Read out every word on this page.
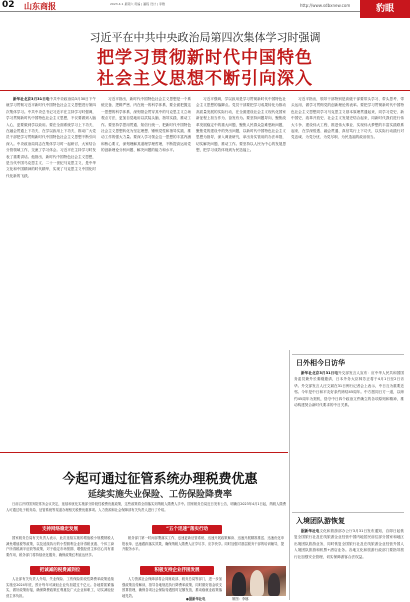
02 山东商报	2023.4.1 星期六 责编 | 潘程 设计 | 李雅	http://www.sdbxnew.com	豹眼
习近平在中共中央政治局第四次集体学习时强调
把学习贯彻新时代中国特色
社会主义思想不断引向深入

新华社北京3月31日电中共中央政治局3月30日下午就学习贯彻习近平新时代中国特色社会主义思想进行第四次集体学习。中共中央总书记习近平在主持学习时强调，学习贯彻新时代中国特色社会主义思想，不仅要做到入脑入心，更要做到学以致用。要在全面系统学习上下功夫，在融会贯通上下功夫，在学以致用上下功夫，推动广大党员干部把学习贯彻新时代中国特色社会主义思想不断引向深入。中央政治局同志在集体学习时一起研讨，大家结合分管领域工作，交流了学习体会。习近平在主持学习时发表了重要讲话。他指出，新时代中国特色社会主义思想，是当代中国马克思主义、二十一世纪马克思主义，是中华文化和中国精神的时代精华，实现了马克思主义中国化时代化新的飞跃。

习近平指出，新时代中国特色社会主义思想是一个系统完备、逻辑严密、内在统一的科学体系，要全面把握这一思想的科学体系，深刻领会贯穿其中的马克思主义立场观点方法，更加自觉地用以武装头脑、指导实践、推动工作。要坚持学思用贯通、知信行统一，把新时代中国特色社会主义思想转化为坚定理想、锤炼党性和指导实践、推动工作的强大力量。要深入学习领会这一思想的丰富内涵和核心要义，深刻理解其道理学理哲理，不断提高运用党的创新理论分析问题、解决问题的能力和水平。

习近平强调，学以致用是学习贯彻新时代中国特色社会主义思想的落脚点。党员干部要把学习成果转化为推动高质量发展的实际行动，在全面建设社会主义现代化国家新征程上担当作为、奋发有为。要坚持问题导向，聚焦改革发展稳定中的重大问题，聚焦人民群众急难愁盼问题，聚焦党的建设中的突出问题，以新时代中国特色社会主义思想为指导，深入调查研究，拿出务实管用的办法举措，切实解决问题、推动工作。要坚持以人民为中心的发展思想，把学习成效体现到为民造福上。

习近平指出，领导干部特别是高级干部要带头学习、带头思考、带头运用，做学习贯彻党的创新理论的表率。要把学习贯彻新时代中国特色社会主义思想同学习马克思主义基本原理贯通起来，同学习党史、新中国史、改革开放史、社会主义发展史结合起来，同新时代我们进行伟大斗争、建设伟大工程、推进伟大事业、实现伟大梦想的丰富实践联系起来，在学深悟透、融会贯通、真信笃行上下功夫，以实际行动践行对党忠诚、为党分忧、为党尽职、为民造福的政治担当。

日外相今日访华

新华社北京3月31日电外交部发言人宣布：应中华人民共和国国务委员兼外长秦刚邀请，日本外务大臣林芳正将于4月1日至2日访华。外交部发言人汪文斌在31日例行记者会上表示，中日互为重要近邻。今年是中日和平友好条约缔结45周年。中方愿同日方一道，以缔约45周年为契机，恪守中日四个政治文件确立的各项原则和精神，推动构建契合新时代要求的中日关系。

入境团队游恢复

据新华社电文化和旅游部办公厅3月31日发布通知，自即日起恢复全国旅行社及在线旅游企业经营中国内地居民前往部分国家和地区出境团队旅游业务，同时恢复全国旅行社及在线旅游企业经营外国人入境团队旅游和机票+酒店业务。各地文化和旅游行政部门要指导旅行社加强安全管理，切实保障游客合法权益。

今起可通过征管系统办理税费优惠
延续实施失业保险、工伤保险降费率

日前召开的国务院常务会议决定，延续和优化实施部分阶段性税费优惠政策，这些政策将全面落实到纳税人缴费人手中。国家税务总局近日发布公告，明确自2023年4月1日起，纳税人缴费人可通过电子税务局、征管系统等渠道办理相关税费优惠事项。人力资源和社会保障部有关负责人进行了介绍。

支持网络稳定发展

国家税务总局有关负责人表示，此次延续实施的增值税小规模纳税人减免增值税等政策，以及延续执行的小型微利企业所得税优惠、个体工商户所得税减半征收等政策，对于稳定市场预期、增强经营主体信心具有重要作用，税务部门将持续优化服务，确保政策红利直达快享。

“五个迅速”落实行动

税务部门第一时间部署落实工作，迅速更新征管系统、迅速开展政策解读、迅速开展精准推送、迅速优化申报表单、迅速跟踪落实效果，确保纳税人缴费人应享尽享、应享快享。同时加强对基层税务干部的培训辅导，提升服务水平。

把诚减的税费减到位

人社部有关负责人介绍，失业保险、工伤保险阶段性降费率政策延续实施至2024年底，预计每年可减轻企业负担超过千亿元。各地要抓紧落实，做好政策衔接，确保降费政策红利惠及广大企业和职工，切实减轻经营主体负担。

积极支持企业抒困发展

人力资源社会保障部将会同财政部、税务总局等部门，进一步加强政策宣传解读，指导各地规范执行降费率政策，同时做好基金收支预算管理，确保各项社会保险待遇按时足额发放，推动稳就业政策落地见效。

制图：李娜
●据新华社电
